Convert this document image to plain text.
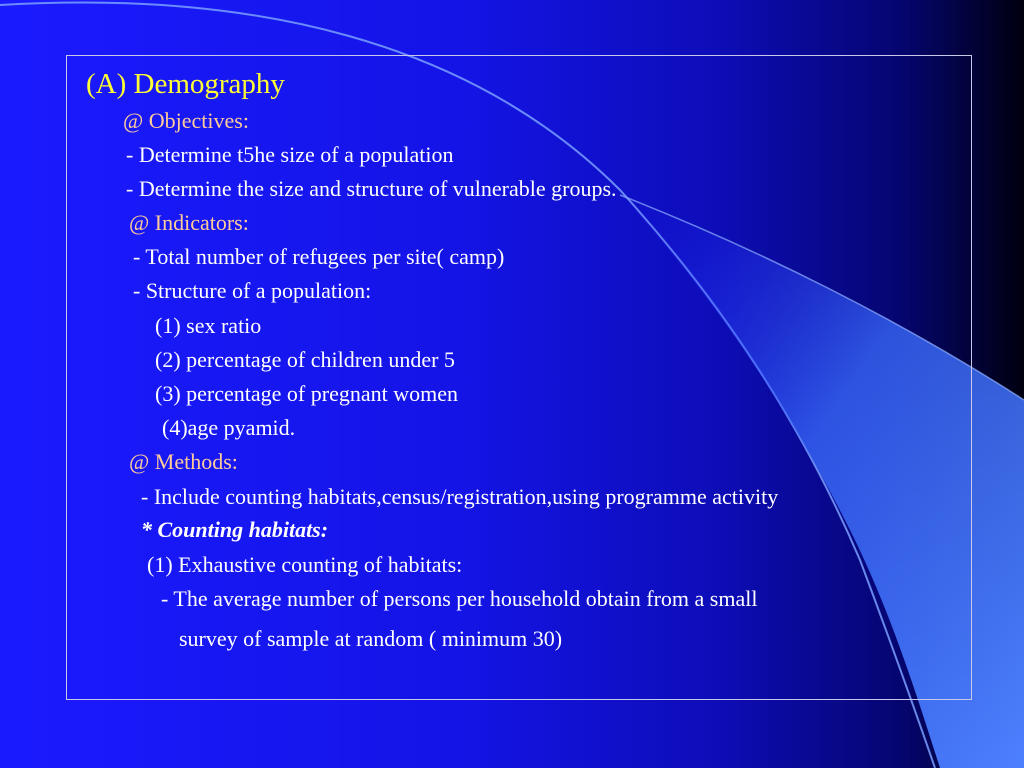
(A) Demography
@ Objectives:
- Determine t5he size of a population
- Determine the size and structure of vulnerable groups.
@ Indicators:
- Total number of refugees per site( camp)
- Structure of a population:
(1) sex ratio
(2) percentage of children under 5
(3) percentage of pregnant women
(4)age pyamid.
@ Methods:
- Include counting habitats,census/registration,using programme activity
* Counting habitats:
(1) Exhaustive counting of habitats:
- The average number of persons per household obtain from a small
survey of sample at random ( minimum 30)
